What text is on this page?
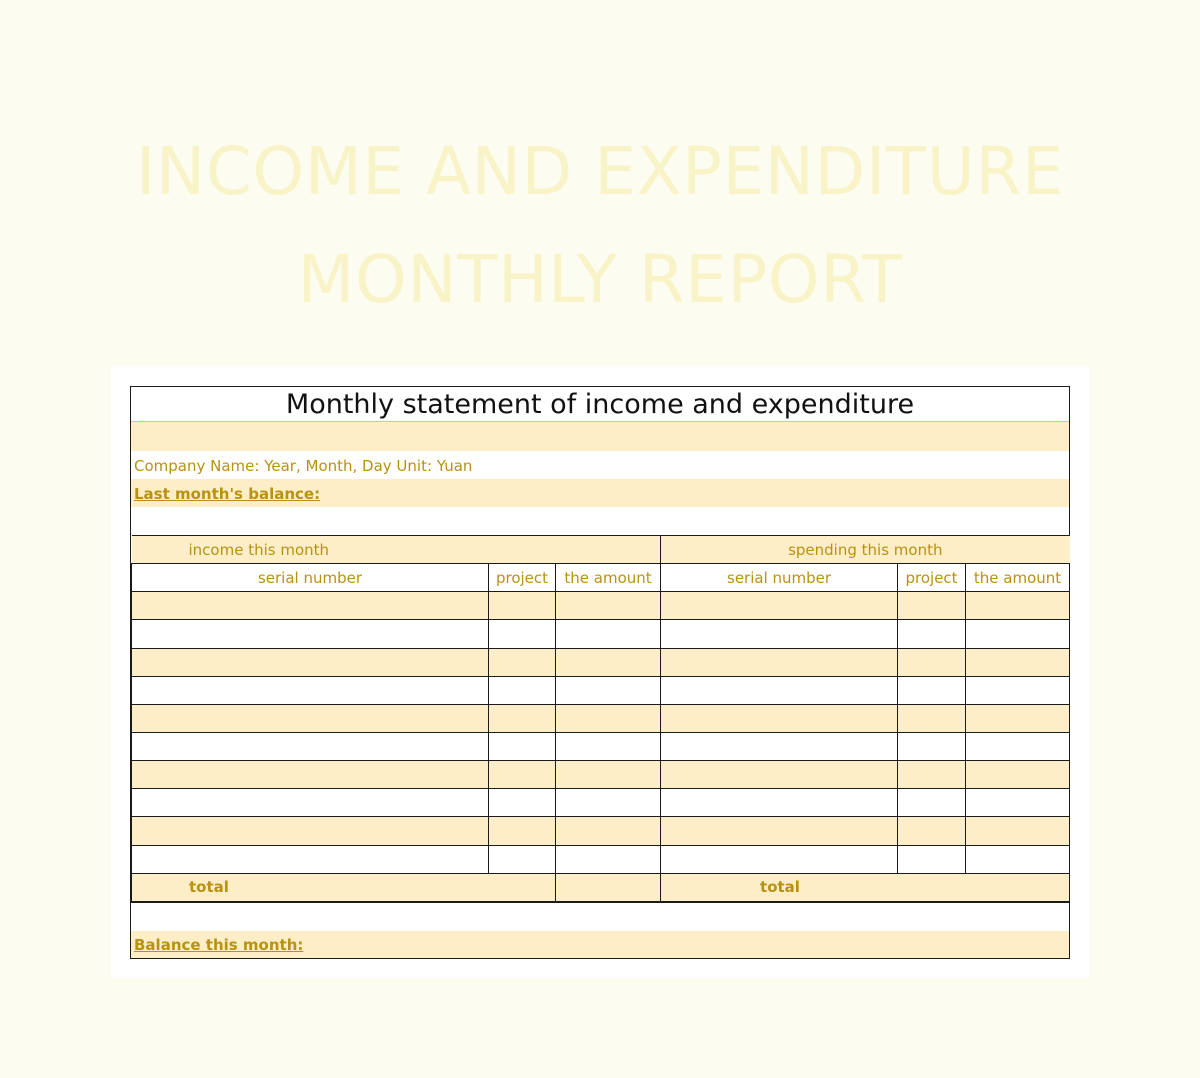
INCOME AND EXPENDITURE
MONTHLY REPORT
Monthly statement of income and expenditure
Company Name: Year, Month, Day Unit: Yuan
Last month's balance:
income this month			spending this month		
serial number	project	the amount	serial number	project	the amount

total			total		
Balance this month:
